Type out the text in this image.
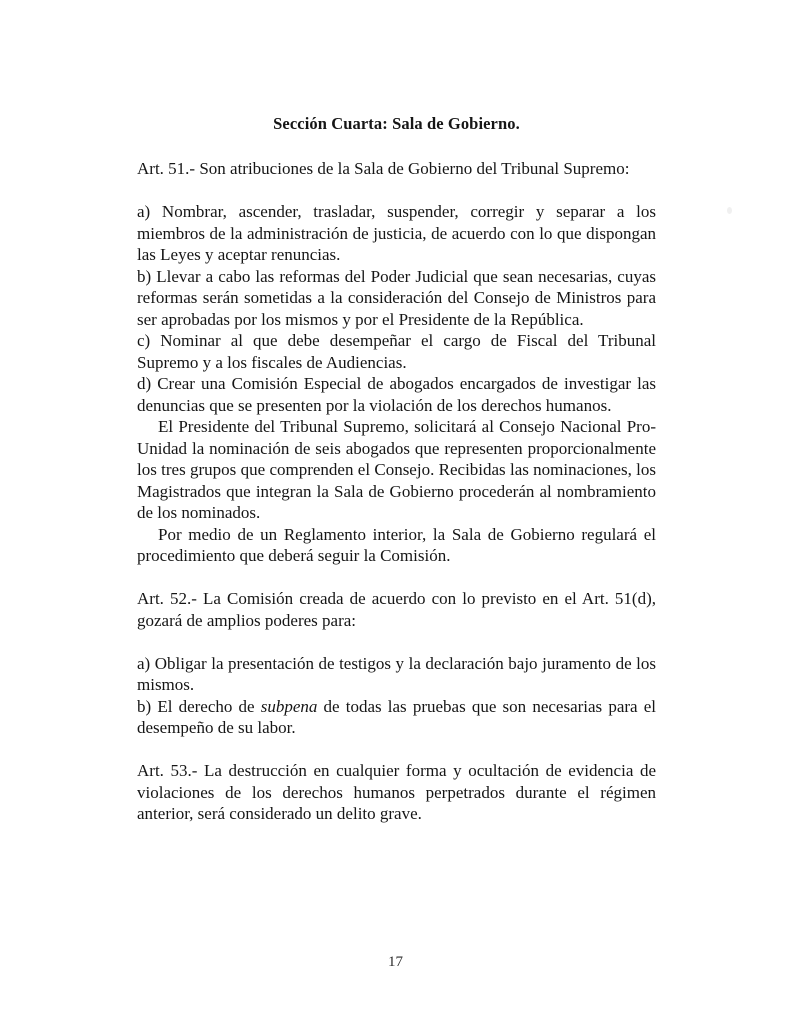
Sección Cuarta: Sala de Gobierno.

Art. 51.- Son atribuciones de la Sala de Gobierno del Tribunal Supremo:

a) Nombrar, ascender, trasladar, suspender, corregir y separar a los miembros de la administración de justicia, de acuerdo con lo que dispongan las Leyes y aceptar renuncias.

b) Llevar a cabo las reformas del Poder Judicial que sean necesarias, cuyas reformas serán sometidas a la consideración del Consejo de Ministros para ser aprobadas por los mismos y por el Presidente de la República.

c) Nominar al que debe desempeñar el cargo de Fiscal del Tribunal Supremo y a los fiscales de Audiencias.

d) Crear una Comisión Especial de abogados encargados de investigar las denuncias que se presenten por la violación de los derechos humanos.

El Presidente del Tribunal Supremo, solicitará al Consejo Nacional Pro-Unidad la nominación de seis abogados que representen proporcionalmente los tres grupos que comprenden el Consejo. Recibidas las nominaciones, los Magistrados que integran la Sala de Gobierno procederán al nombramiento de los nominados.

Por medio de un Reglamento interior, la Sala de Gobierno regulará el procedimiento que deberá seguir la Comisión.

Art. 52.- La Comisión creada de acuerdo con lo previsto en el Art. 51(d), gozará de amplios poderes para:

a) Obligar la presentación de testigos y la declaración bajo juramento de los mismos.

b) El derecho de subpena de todas las pruebas que son necesarias para el desempeño de su labor.

Art. 53.- La destrucción en cualquier forma y ocultación de evidencia de violaciones de los derechos humanos perpetrados durante el régimen anterior, será considerado un delito grave.

17
